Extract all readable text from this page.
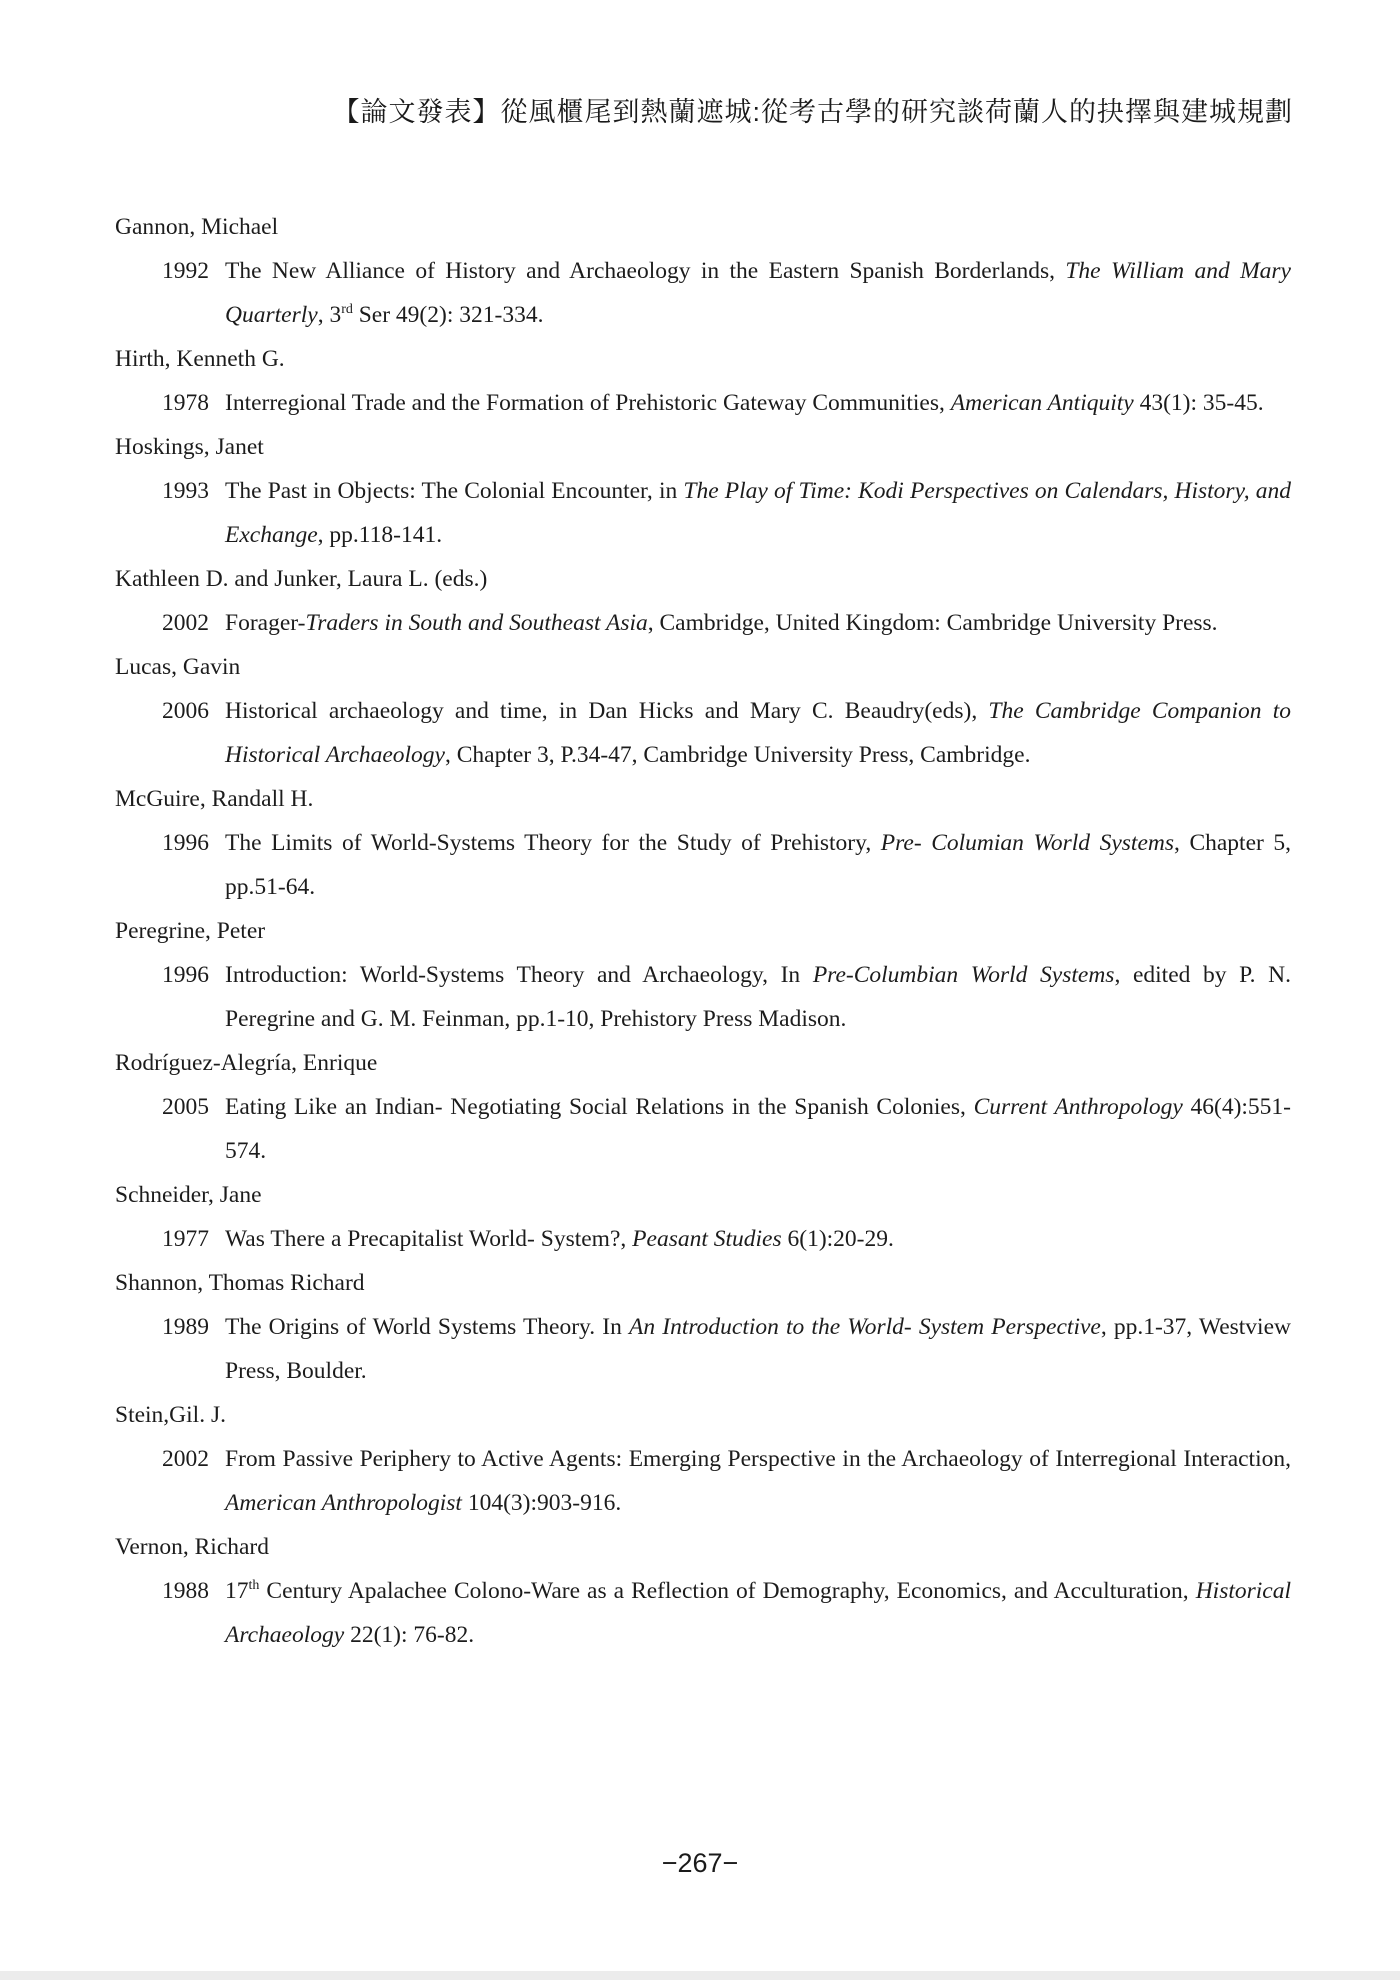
【論文發表】從風櫃尾到熱蘭遮城:從考古學的研究談荷蘭人的抉擇與建城規劃
Gannon, Michael
1992 The New Alliance of History and Archaeology in the Eastern Spanish Borderlands, The William and Mary Quarterly, 3rd Ser 49(2): 321-334.
Hirth, Kenneth G.
1978 Interregional Trade and the Formation of Prehistoric Gateway Communities, American Antiquity 43(1): 35-45.
Hoskings, Janet
1993 The Past in Objects: The Colonial Encounter, in The Play of Time: Kodi Perspectives on Calendars, History, and Exchange, pp.118-141.
Kathleen D. and Junker, Laura L. (eds.)
2002 Forager-Traders in South and Southeast Asia, Cambridge, United Kingdom: Cambridge University Press.
Lucas, Gavin
2006 Historical archaeology and time, in Dan Hicks and Mary C. Beaudry(eds), The Cambridge Companion to Historical Archaeology, Chapter 3, P.34-47, Cambridge University Press, Cambridge.
McGuire, Randall H.
1996 The Limits of World-Systems Theory for the Study of Prehistory, Pre- Columian World Systems, Chapter 5, pp.51-64.
Peregrine, Peter
1996 Introduction: World-Systems Theory and Archaeology, In Pre-Columbian World Systems, edited by P. N. Peregrine and G. M. Feinman, pp.1-10, Prehistory Press Madison.
Rodríguez-Alegría, Enrique
2005 Eating Like an Indian- Negotiating Social Relations in the Spanish Colonies, Current Anthropology 46(4):551-574.
Schneider, Jane
1977 Was There a Precapitalist World- System?, Peasant Studies 6(1):20-29.
Shannon, Thomas Richard
1989 The Origins of World Systems Theory. In An Introduction to the World- System Perspective, pp.1-37, Westview Press, Boulder.
Stein,Gil. J.
2002 From Passive Periphery to Active Agents: Emerging Perspective in the Archaeology of Interregional Interaction, American Anthropologist 104(3):903-916.
Vernon, Richard
1988 17th Century Apalachee Colono-Ware as a Reflection of Demography, Economics, and Acculturation, Historical Archaeology 22(1): 76-82.
−267−
